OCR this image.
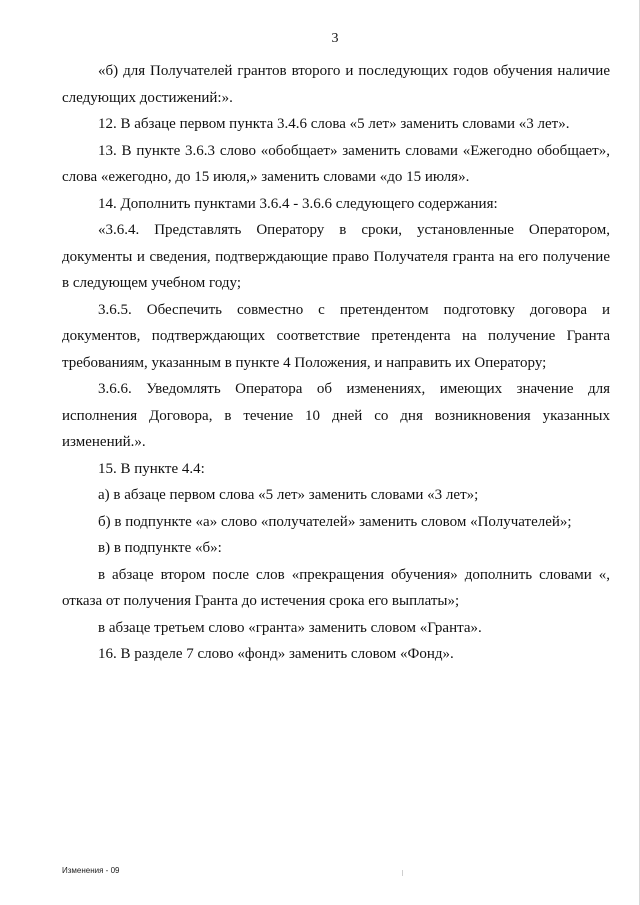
3

«б) для Получателей грантов второго и последующих годов обучения наличие следующих достижений:».

12. В абзаце первом пункта 3.4.6 слова «5 лет» заменить словами «3 лет».

13. В пункте 3.6.3 слово «обобщает» заменить словами «Ежегодно обобщает», слова «ежегодно, до 15 июля,» заменить словами «до 15 июля».

14. Дополнить пунктами 3.6.4 - 3.6.6 следующего содержания:

«3.6.4. Представлять Оператору в сроки, установленные Оператором, документы и сведения, подтверждающие право Получателя гранта на его получение в следующем учебном году;

3.6.5. Обеспечить совместно с претендентом подготовку договора и документов, подтверждающих соответствие претендента на получение Гранта требованиям, указанным в пункте 4 Положения, и направить их Оператору;

3.6.6. Уведомлять Оператора об изменениях, имеющих значение для исполнения Договора, в течение 10 дней со дня возникновения указанных изменений.».

15. В пункте 4.4:

а) в абзаце первом слова «5 лет» заменить словами «3 лет»;

б) в подпункте «а» слово «получателей» заменить словом «Получателей»;

в) в подпункте «б»:

в абзаце втором после слов «прекращения обучения» дополнить словами «, отказа от получения Гранта до истечения срока его выплаты»;

в абзаце третьем слово «гранта» заменить словом «Гранта».

16. В разделе 7 слово «фонд» заменить словом «Фонд».

Изменения - 09
